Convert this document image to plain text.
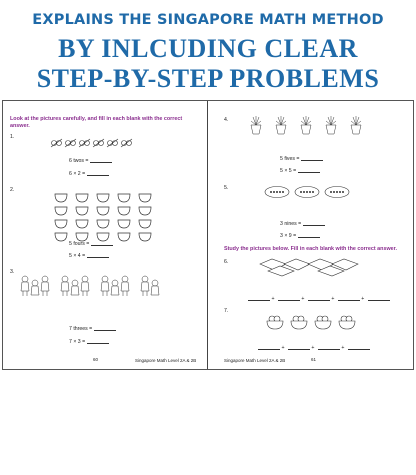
EXPLAINS THE SINGAPORE MATH METHOD
BY INLCUDING CLEAR
STEP-BY-STEP PROBLEMS
Look at the pictures carefully, and fill in each blank with the correct answer.
1.
6 twos =
6 × 2 =
2.
5 fours =
5 × 4 =
3.
7 threes =
7 × 3 =
60	Singapore Math Level 2A & 2B
4.
5 fives =
5 × 5 =
5.
3 nines =
3 × 9 =
Study the pictures below. Fill in each blank with the correct answer.
6.
+	+	+	+
7.
+	+	+
Singapore Math Level 2A & 2B	61
